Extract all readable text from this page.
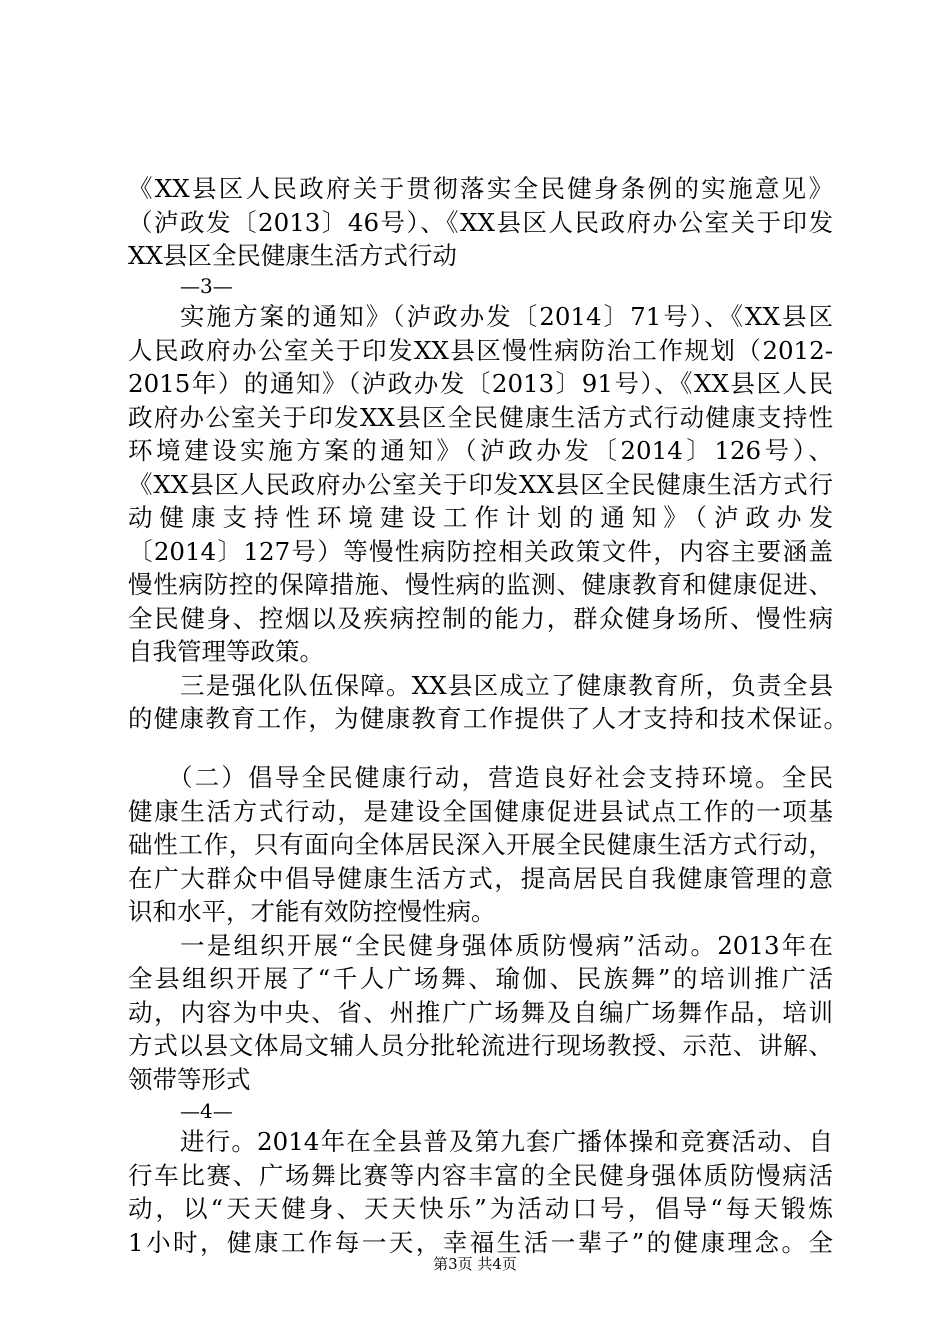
《XX县区人民政府关于贯彻落实全民健身条例的实施意见》
（泸政发〔2013〕46号）、《XX县区人民政府办公室关于印发
XX县区全民健康生活方式行动
—3—
实施方案的通知》（泸政办发〔2014〕71号）、《XX县区
人民政府办公室关于印发XX县区慢性病防治工作规划（2012-
2015年）的通知》（泸政办发〔2013〕91号）、《XX县区人民
政府办公室关于印发XX县区全民健康生活方式行动健康支持性
环境建设实施方案的通知》（泸政办发〔2014〕126号）、
《XX县区人民政府办公室关于印发XX县区全民健康生活方式行
动健康支持性环境建设工作计划的通知》（泸政办发
〔2014〕127号）等慢性病防控相关政策文件，内容主要涵盖
慢性病防控的保障措施、慢性病的监测、健康教育和健康促进、
全民健身、控烟以及疾病控制的能力，群众健身场所、慢性病
自我管理等政策。
三是强化队伍保障。XX县区成立了健康教育所，负责全县
的健康教育工作，为健康教育工作提供了人才支持和技术保证。
（二）倡导全民健康行动，营造良好社会支持环境。全民
健康生活方式行动，是建设全国健康促进县试点工作的一项基
础性工作，只有面向全体居民深入开展全民健康生活方式行动，
在广大群众中倡导健康生活方式，提高居民自我健康管理的意
识和水平，才能有效防控慢性病。
一是组织开展“全民健身强体质防慢病”活动。2013年在
全县组织开展了“千人广场舞、瑜伽、民族舞”的培训推广活
动，内容为中央、省、州推广广场舞及自编广场舞作品，培训
方式以县文体局文辅人员分批轮流进行现场教授、示范、讲解、
领带等形式
—4—
进行。2014年在全县普及第九套广播体操和竞赛活动、自
行车比赛、广场舞比赛等内容丰富的全民健身强体质防慢病活
动，以“天天健身、天天快乐”为活动口号，倡导“每天锻炼
1小时，健康工作每一天，幸福生活一辈子”的健康理念。全
第3页 共4页
